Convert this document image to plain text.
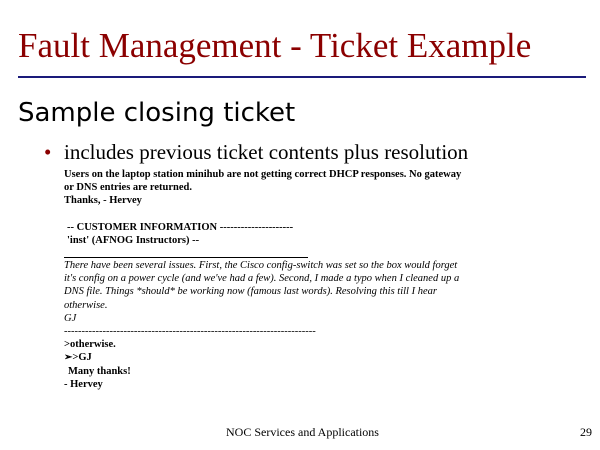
Fault Management - Ticket Example
Sample closing ticket
• includes previous ticket contents plus resolution
Users on the laptop station minihub are not getting correct DHCP responses. No gateway
or DNS entries are returned.
Thanks, - Hervey
-- CUSTOMER INFORMATION ---------------------
'inst' (AFNOG Instructors) --
There have been several issues. First, the Cisco config-switch was set so the box would forget
it's config on a power cycle (and we've had a few). Second, I made a typo when I cleaned up a
DNS file. Things *should* be working now (famous last words). Resolving this till I hear
otherwise.
GJ
------------------------------------------------------------------------
>otherwise.
➢>GJ
Many thanks!
- Hervey
NOC Services and Applications	29
